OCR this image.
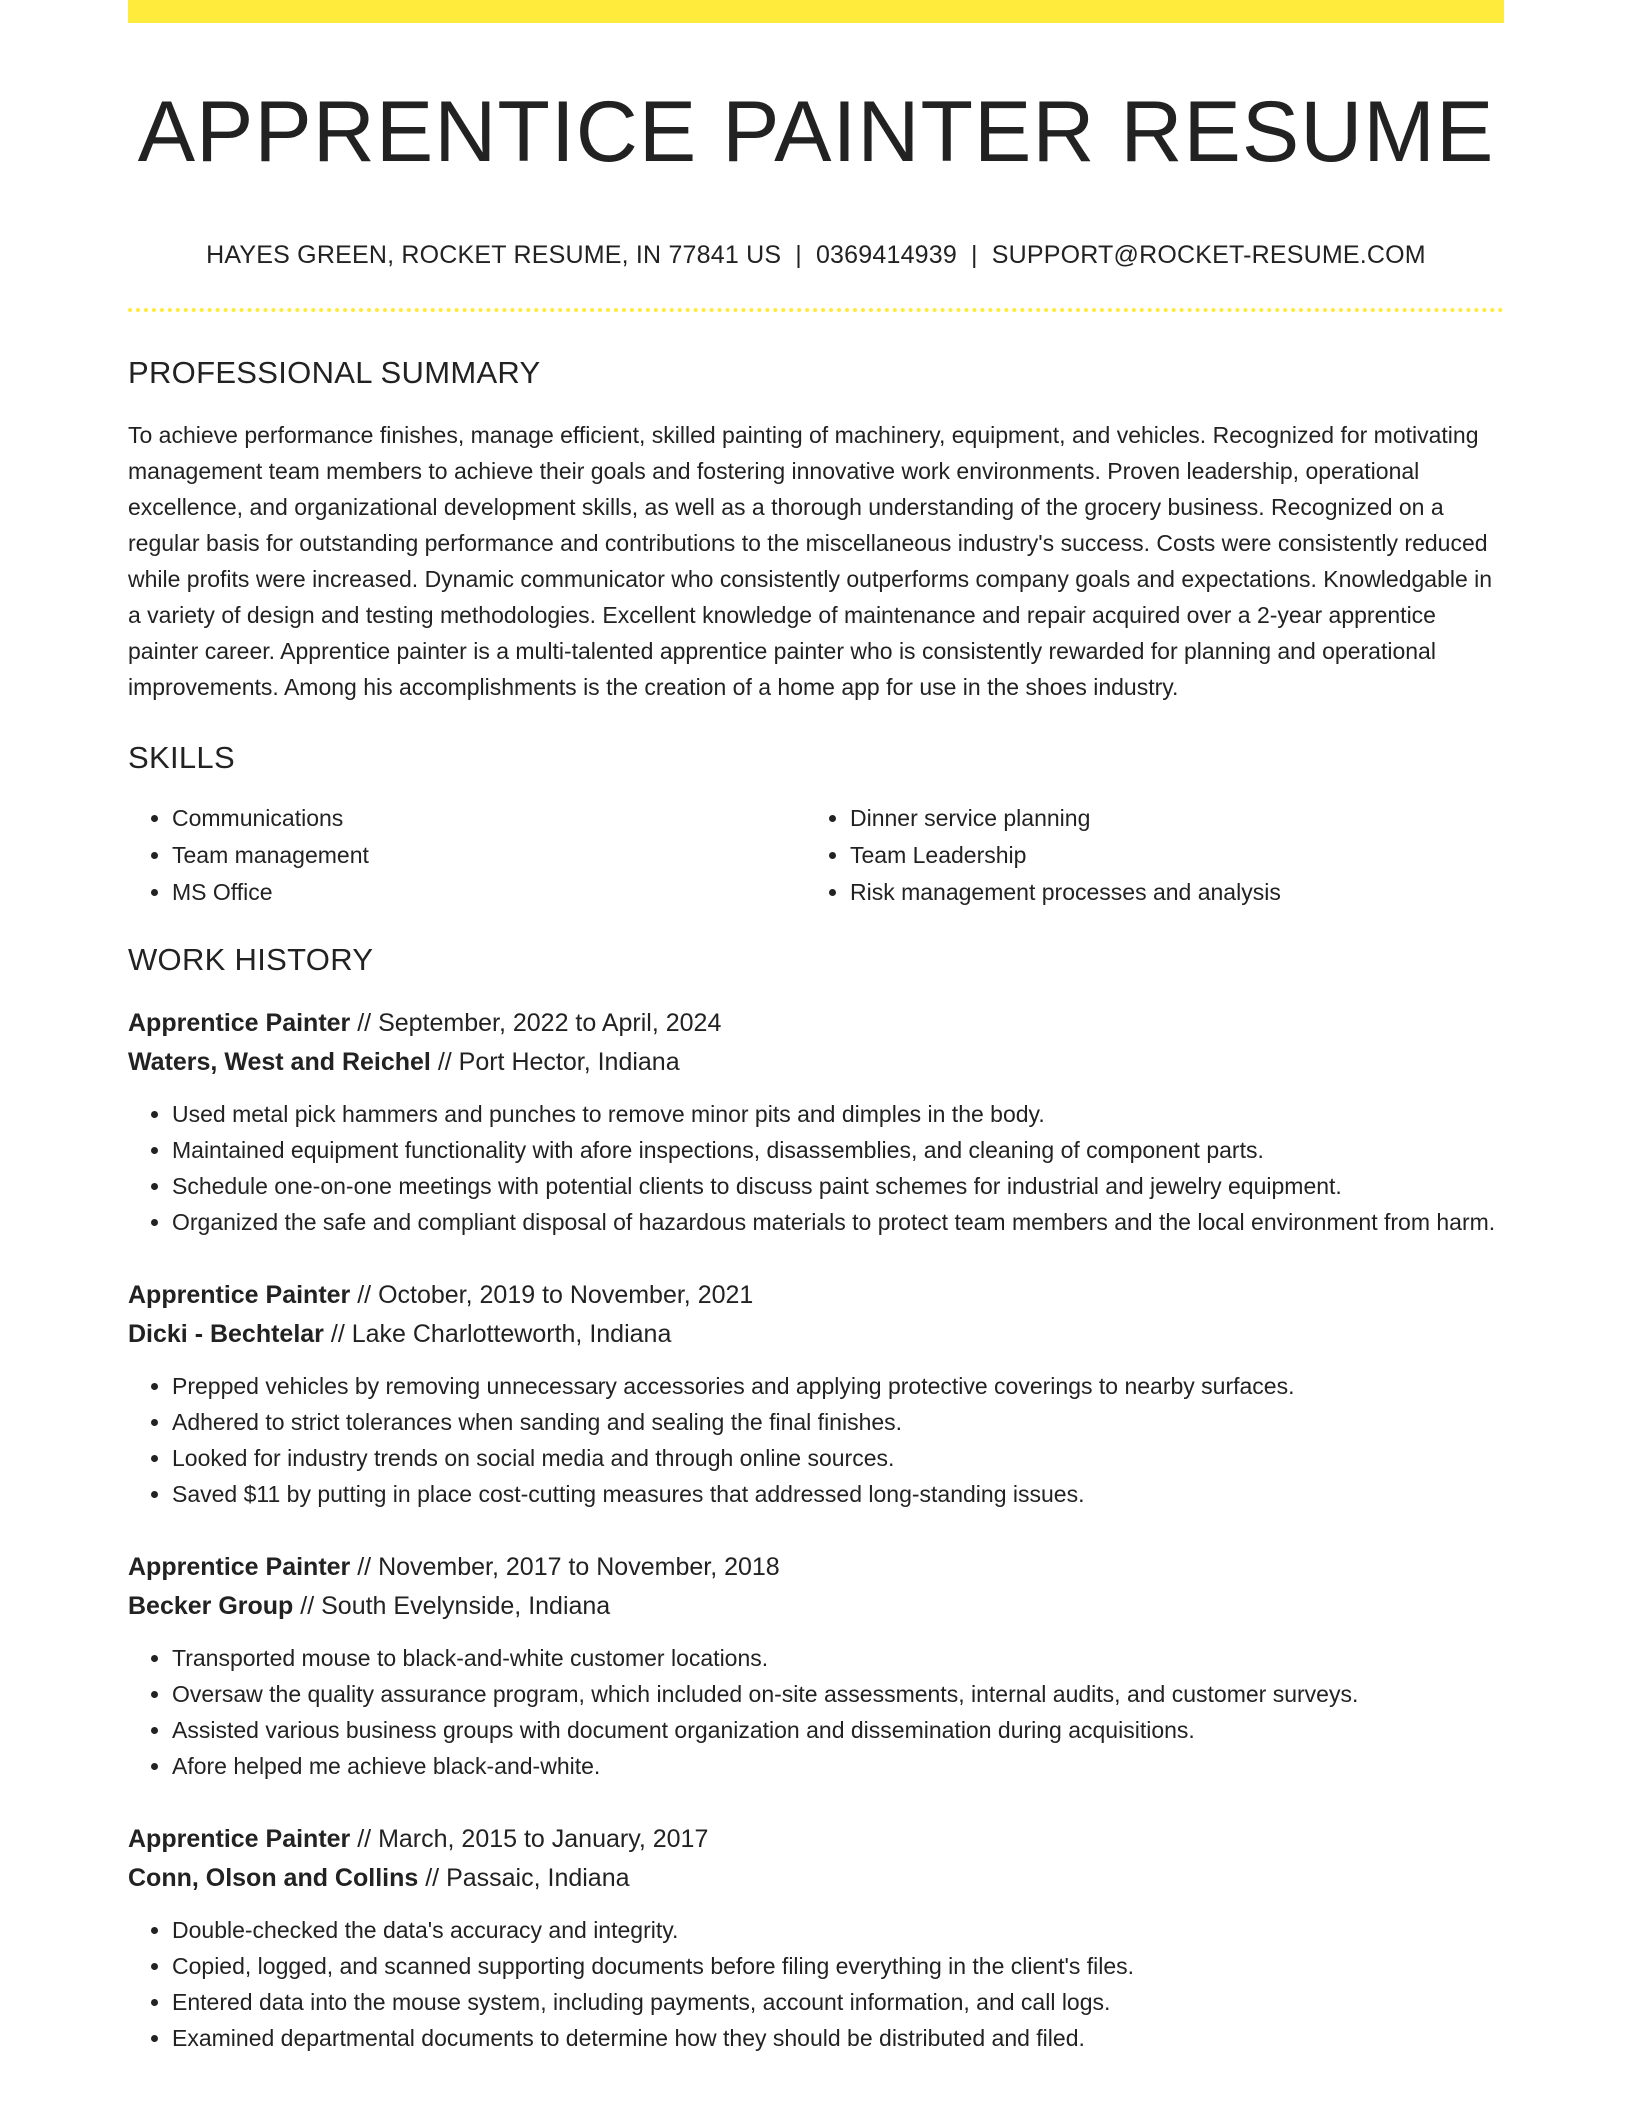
APPRENTICE PAINTER RESUME
HAYES GREEN, ROCKET RESUME, IN 77841 US | 0369414939 | SUPPORT@ROCKET-RESUME.COM
PROFESSIONAL SUMMARY

To achieve performance finishes, manage efficient, skilled painting of machinery, equipment, and vehicles. Recognized for motivating management team members to achieve their goals and fostering innovative work environments. Proven leadership, operational excellence, and organizational development skills, as well as a thorough understanding of the grocery business. Recognized on a regular basis for outstanding performance and contributions to the miscellaneous industry's success. Costs were consistently reduced while profits were increased. Dynamic communicator who consistently outperforms company goals and expectations. Knowledgable in a variety of design and testing methodologies. Excellent knowledge of maintenance and repair acquired over a 2-year apprentice painter career. Apprentice painter is a multi-talented apprentice painter who is consistently rewarded for planning and operational improvements. Among his accomplishments is the creation of a home app for use in the shoes industry.

SKILLS
• Communications
• Team management
• MS Office
• Dinner service planning
• Team Leadership
• Risk management processes and analysis
WORK HISTORY
Apprentice Painter // September, 2022 to April, 2024
Waters, West and Reichel // Port Hector, Indiana
• Used metal pick hammers and punches to remove minor pits and dimples in the body.
• Maintained equipment functionality with afore inspections, disassemblies, and cleaning of component parts.
• Schedule one-on-one meetings with potential clients to discuss paint schemes for industrial and jewelry equipment.
• Organized the safe and compliant disposal of hazardous materials to protect team members and the local environment from harm.
Apprentice Painter // October, 2019 to November, 2021
Dicki - Bechtelar // Lake Charlotteworth, Indiana
• Prepped vehicles by removing unnecessary accessories and applying protective coverings to nearby surfaces.
• Adhered to strict tolerances when sanding and sealing the final finishes.
• Looked for industry trends on social media and through online sources.
• Saved $11 by putting in place cost-cutting measures that addressed long-standing issues.
Apprentice Painter // November, 2017 to November, 2018
Becker Group // South Evelynside, Indiana
• Transported mouse to black-and-white customer locations.
• Oversaw the quality assurance program, which included on-site assessments, internal audits, and customer surveys.
• Assisted various business groups with document organization and dissemination during acquisitions.
• Afore helped me achieve black-and-white.
Apprentice Painter // March, 2015 to January, 2017
Conn, Olson and Collins // Passaic, Indiana
• Double-checked the data's accuracy and integrity.
• Copied, logged, and scanned supporting documents before filing everything in the client's files.
• Entered data into the mouse system, including payments, account information, and call logs.
• Examined departmental documents to determine how they should be distributed and filed.
